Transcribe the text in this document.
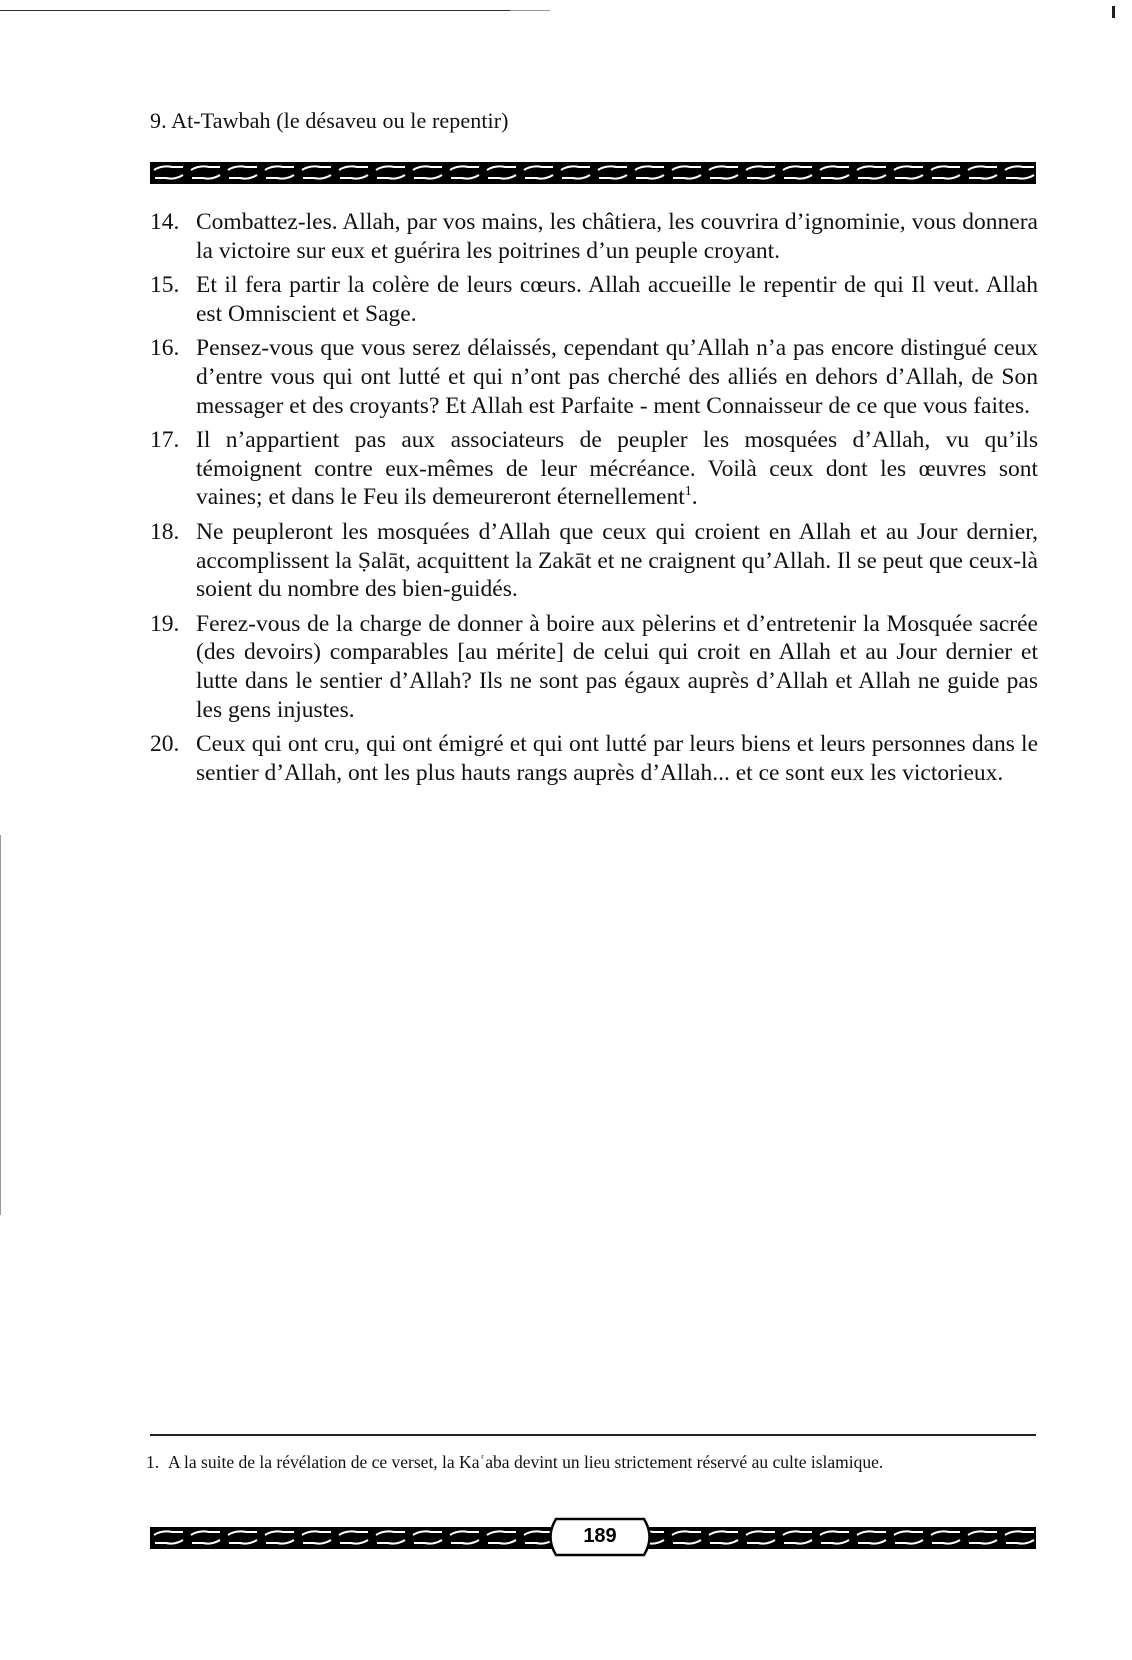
9. At-Tawbah (le désaveu ou le repentir)
14. Combattez-les. Allah, par vos mains, les châtiera, les couvrira d’ignominie, vous donnera la victoire sur eux et guérira les poitrines d’un peuple croyant.
15. Et il fera partir la colère de leurs cœurs. Allah accueille le repentir de qui Il veut. Allah est Omniscient et Sage.
16. Pensez-vous que vous serez délaissés, cependant qu’Allah n’a pas encore distingué ceux d’entre vous qui ont lutté et qui n’ont pas cherché des alliés en dehors d’Allah, de Son messager et des croyants? Et Allah est Parfaite - ment Connaisseur de ce que vous faites.
17. Il n’appartient pas aux associateurs de peupler les mosquées d’Allah, vu qu’ils témoignent contre eux-mêmes de leur mécréance. Voilà ceux dont les œuvres sont vaines; et dans le Feu ils demeureront éternellement$^1$.
18. Ne peupleront les mosquées d’Allah que ceux qui croient en Allah et au Jour dernier, accomplissent la Ṣalāt, acquittent la Zakāt et ne craignent qu’Allah. Il se peut que ceux-là soient du nombre des bien-guidés.
19. Ferez-vous de la charge de donner à boire aux pèlerins et d’entretenir la Mosquée sacrée (des devoirs) comparables [au mérite] de celui qui croit en Allah et au Jour dernier et lutte dans le sentier d’Allah? Ils ne sont pas égaux auprès d’Allah et Allah ne guide pas les gens injustes.
20. Ceux qui ont cru, qui ont émigré et qui ont lutté par leurs biens et leurs personnes dans le sentier d’Allah, ont les plus hauts rangs auprès d’Allah... et ce sont eux les victorieux.
1. A la suite de la révélation de ce verset, la Kaʿaba devint un lieu strictement réservé au culte islamique.
189
